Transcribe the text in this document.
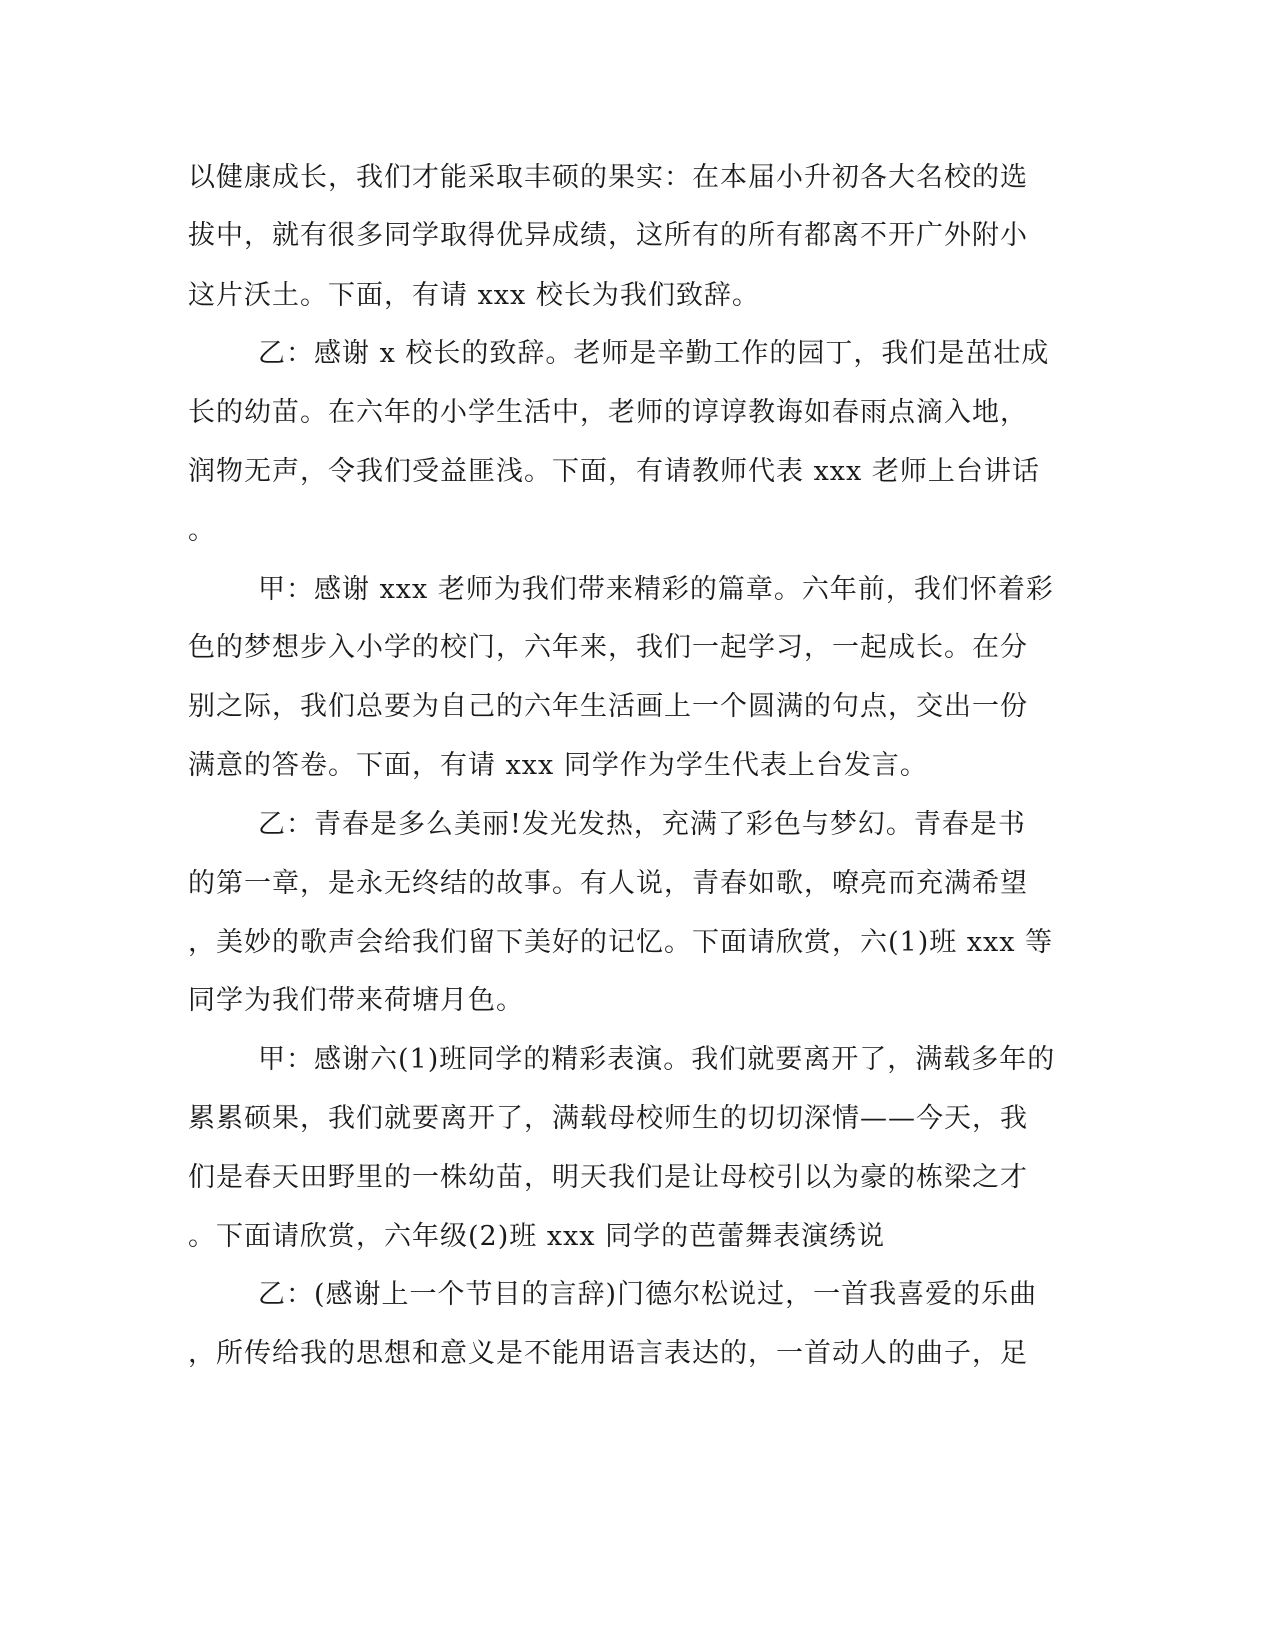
以健康成长，我们才能采取丰硕的果实：在本届小升初各大名校的选
拔中，就有很多同学取得优异成绩，这所有的所有都离不开广外附小
这片沃土。下面，有请 xxx 校长为我们致辞。
乙：感谢 x 校长的致辞。老师是辛勤工作的园丁，我们是茁壮成
长的幼苗。在六年的小学生活中，老师的谆谆教诲如春雨点滴入地，
润物无声，令我们受益匪浅。下面，有请教师代表 xxx 老师上台讲话
。
甲：感谢 xxx 老师为我们带来精彩的篇章。六年前，我们怀着彩
色的梦想步入小学的校门，六年来，我们一起学习，一起成长。在分
别之际，我们总要为自己的六年生活画上一个圆满的句点，交出一份
满意的答卷。下面，有请 xxx 同学作为学生代表上台发言。
乙：青春是多么美丽!发光发热，充满了彩色与梦幻。青春是书
的第一章，是永无终结的故事。有人说，青春如歌，嘹亮而充满希望
，美妙的歌声会给我们留下美好的记忆。下面请欣赏，六(1)班 xxx 等
同学为我们带来荷塘月色。
甲：感谢六(1)班同学的精彩表演。我们就要离开了，满载多年的
累累硕果，我们就要离开了，满载母校师生的切切深情——今天，我
们是春天田野里的一株幼苗，明天我们是让母校引以为豪的栋梁之才
。下面请欣赏，六年级(2)班 xxx 同学的芭蕾舞表演绣说
乙：(感谢上一个节目的言辞)门德尔松说过，一首我喜爱的乐曲
，所传给我的思想和意义是不能用语言表达的，一首动人的曲子，足
